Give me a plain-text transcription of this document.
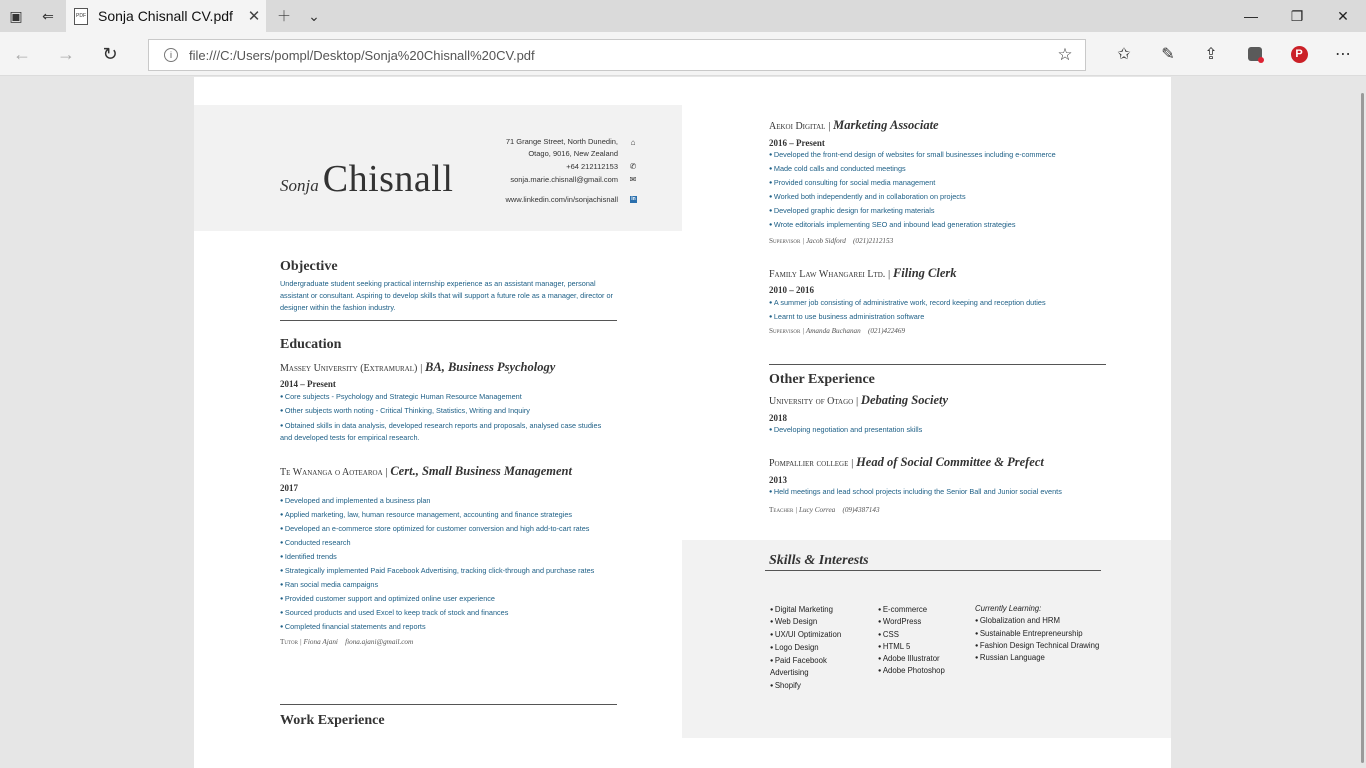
▣	⇐	PDF Sonja Chisnall CV.pdf ✕	＋	⌄	—	❐	✕
←	→	↻	i	file:///C:/Users/pompl/Desktop/Sonja%20Chisnall%20CV.pdf	☆	✩	✎	⇪	P	⋯
Sonja Chisnall
71 Grange Street, North Dunedin,
Otago, 9016, New Zealand
⌂
+64 212112153 ✆
sonja.marie.chisnall@gmail.com ✉
www.linkedin.com/in/sonjachisnall	in
Objective
Undergraduate student seeking practical internship experience as an assistant manager, personal assistant or consultant. Aspiring to develop skills that will support a future role as a manager, director or designer within the fashion industry.
Education
Massey University (Extramural) | BA, Business Psychology
2014 – Present
● Core subjects - Psychology and Strategic Human Resource Management
● Other subjects worth noting - Critical Thinking, Statistics, Writing and Inquiry
● Obtained skills in data analysis, developed research reports and proposals, analysed case studies and developed tests for empirical research.
Te Wananga o Aotearoa | Cert., Small Business Management
2017
● Developed and implemented a business plan
● Applied marketing, law, human resource management, accounting and finance strategies
● Developed an e-commerce store optimized for customer conversion and high add-to-cart rates
● Conducted research
● Identified trends
● Strategically implemented Paid Facebook Advertising, tracking click-through and purchase rates
● Ran social media campaigns
● Provided customer support and optimized online user experience
● Sourced products and used Excel to keep track of stock and finances
● Completed financial statements and reports
Tutor | Fiona Ajani fiona.ajani@gmail.com
Work Experience
Aekoi Digital | Marketing Associate
2016 – Present
● Developed the front-end design of websites for small businesses including e-commerce
● Made cold calls and conducted meetings
● Provided consulting for social media management
● Worked both independently and in collaboration on projects
● Developed graphic design for marketing materials
● Wrote editorials implementing SEO and inbound lead generation strategies
Supervisor | Jacob Sidford (021)2112153
Family Law Whangarei Ltd. | Filing Clerk
2010 – 2016
● A summer job consisting of administrative work, record keeping and reception duties
● Learnt to use business administration software
Supervisor | Amanda Buchanan (021)422469
Other Experience
University of Otago | Debating Society
2018
● Developing negotiation and presentation skills
Pompallier college | Head of Social Committee & Prefect
2013
● Held meetings and lead school projects including the Senior Ball and Junior social events
Teacher | Lucy Correa (09)4387143
Skills & Interests
● Digital Marketing
● Web Design
● UX/UI Optimization
● Logo Design
● Paid Facebook Advertising
● Shopify
● E-commerce
● WordPress
● CSS
● HTML 5
● Adobe Illustrator
● Adobe Photoshop
Currently Learning:
● Globalization and HRM
● Sustainable Entrepreneurship
● Fashion Design Technical Drawing
● Russian Language
